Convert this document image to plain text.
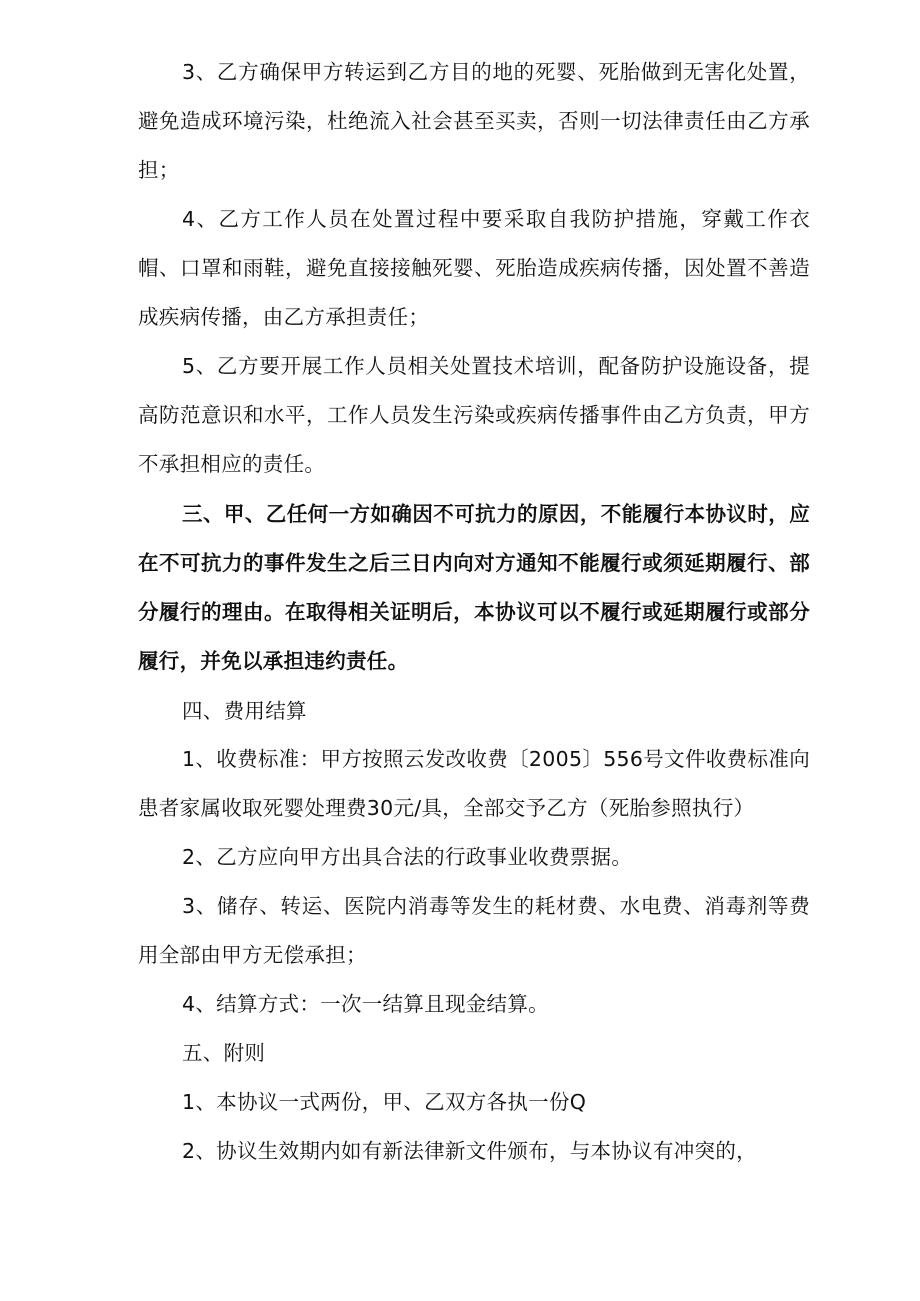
3、乙方确保甲方转运到乙方目的地的死婴、死胎做到无害化处置，避免造成环境污染，杜绝流入社会甚至买卖，否则一切法律责任由乙方承担；

4、乙方工作人员在处置过程中要采取自我防护措施，穿戴工作衣帽、口罩和雨鞋，避免直接接触死婴、死胎造成疾病传播，因处置不善造成疾病传播，由乙方承担责任；

5、乙方要开展工作人员相关处置技术培训，配备防护设施设备，提高防范意识和水平，工作人员发生污染或疾病传播事件由乙方负责，甲方不承担相应的责任。

三、甲、乙任何一方如确因不可抗力的原因，不能履行本协议时，应在不可抗力的事件发生之后三日内向对方通知不能履行或须延期履行、部分履行的理由。在取得相关证明后，本协议可以不履行或延期履行或部分履行，并免以承担违约责任。

四、费用结算

1、收费标准：甲方按照云发改收费〔2005〕556号文件收费标准向患者家属收取死婴处理费30元/具，全部交予乙方（死胎参照执行）

2、乙方应向甲方出具合法的行政事业收费票据。

3、储存、转运、医院内消毒等发生的耗材费、水电费、消毒剂等费用全部由甲方无偿承担；

4、结算方式：一次一结算且现金结算。

五、附则

1、本协议一式两份，甲、乙双方各执一份Q

2、协议生效期内如有新法律新文件颁布，与本协议有冲突的，
